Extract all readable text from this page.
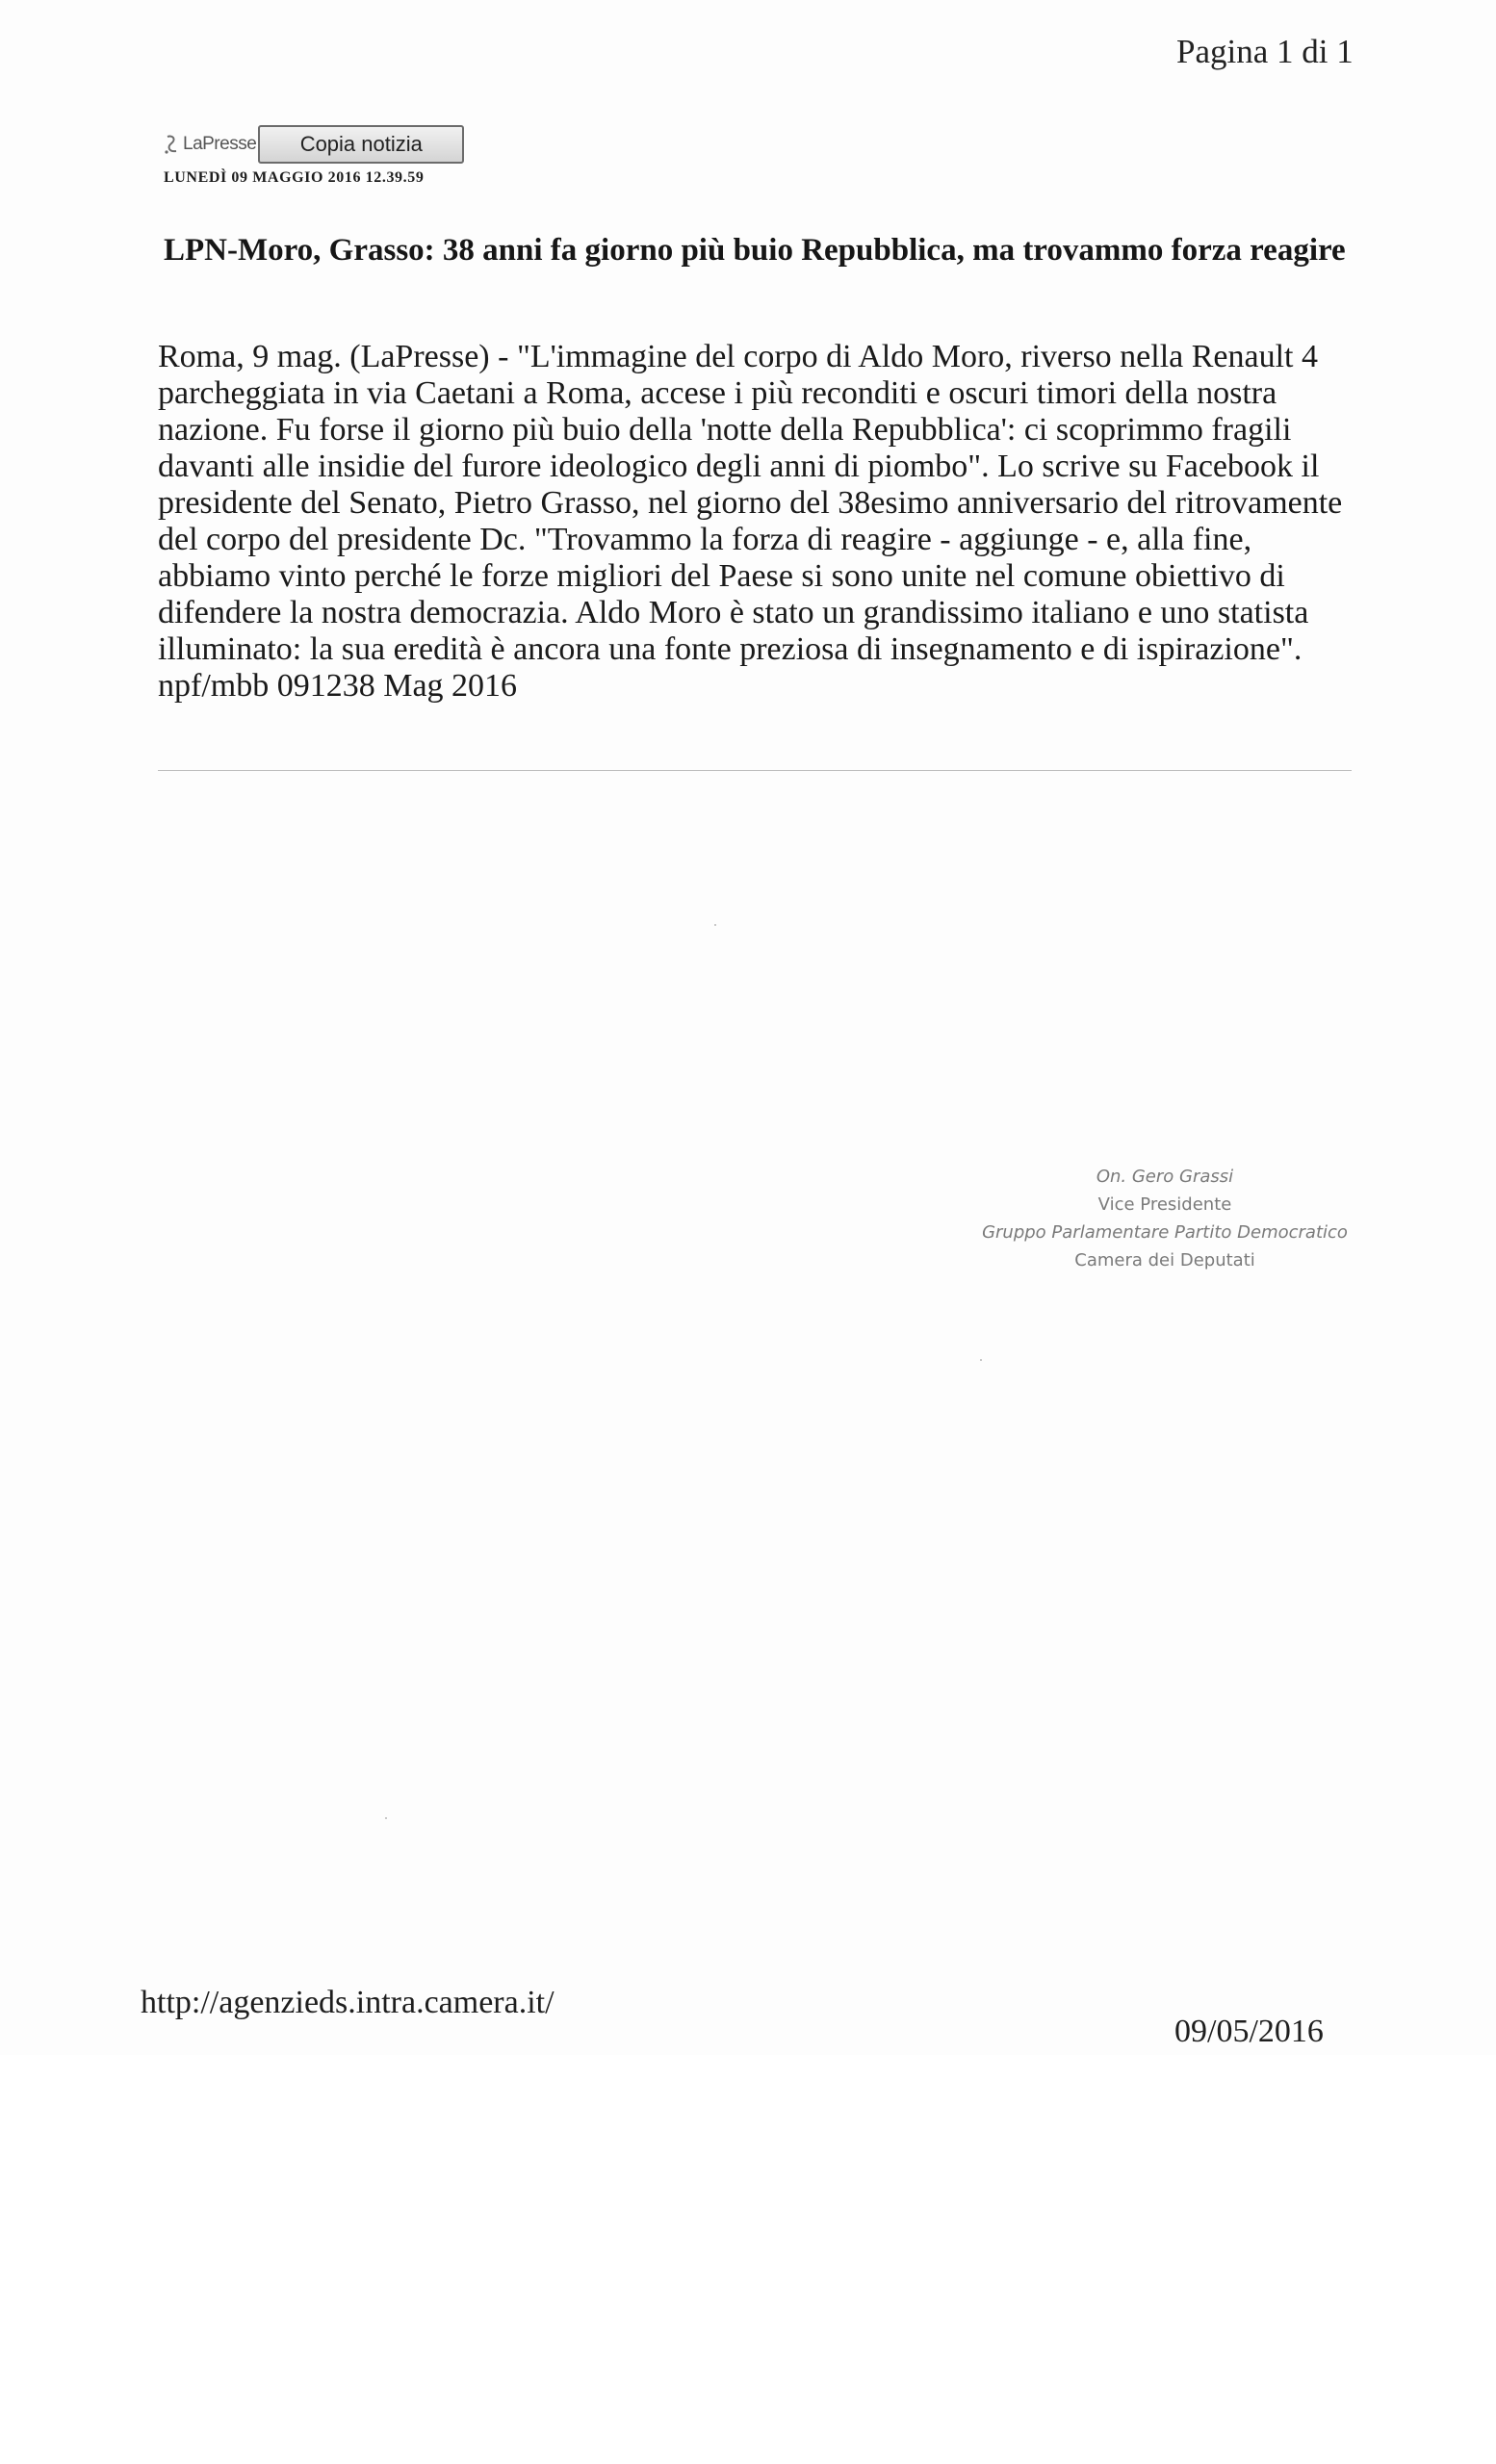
Pagina 1 di 1
LaPresse	Copia notizia
LUNEDÌ 09 MAGGIO 2016 12.39.59
LPN-Moro, Grasso: 38 anni fa giorno più buio Repubblica, ma trovammo forza reagire

Roma, 9 mag. (LaPresse) - "L'immagine del corpo di Aldo Moro, riverso nella Renault 4 parcheggiata in via Caetani a Roma, accese i più reconditi e oscuri timori della nostra nazione. Fu forse il giorno più buio della 'notte della Repubblica': ci scoprimmo fragili davanti alle insidie del furore ideologico degli anni di piombo". Lo scrive su Facebook il presidente del Senato, Pietro Grasso, nel giorno del 38esimo anniversario del ritrovamente del corpo del presidente Dc. "Trovammo la forza di reagire - aggiunge - e, alla fine, abbiamo vinto perché le forze migliori del Paese si sono unite nel comune obiettivo di difendere la nostra democrazia. Aldo Moro è stato un grandissimo italiano e uno statista illuminato: la sua eredità è ancora una fonte preziosa di insegnamento e di ispirazione". npf/mbb 091238 Mag 2016

On. Gero Grassi
Vice Presidente
Gruppo Parlamentare Partito Democratico
Camera dei Deputati
http://agenzieds.intra.camera.it/
09/05/2016
